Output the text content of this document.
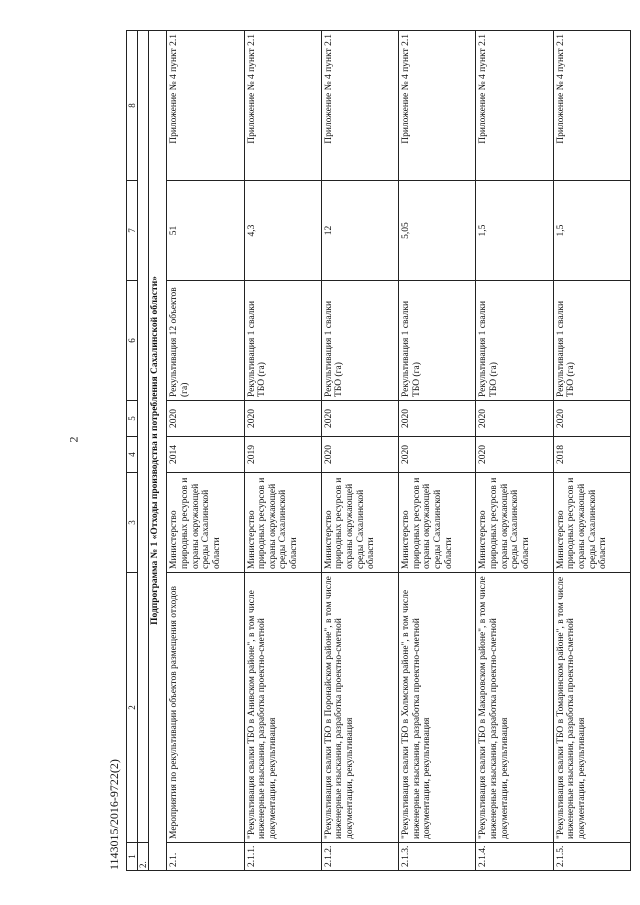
2
1	2	3	4	5	6	7	8
2.							
Подпрограмма № 1 «Отходы производства и потребления Сахалинской области»							
2.1.	Мероприятия по рекультивации объектов размещения отходов	Министерство природных ресурсов и охраны окружающей среды Сахалинской области	2014	2020	Рекультивация 12 объектов (га)	51	Приложение № 4 пункт 2.1
2.1.1.	"Рекультивация свалки ТБО в Анивском районе", в том числе инженерные изыскания, разработка проектно-сметной документации, рекультивация	Министерство природных ресурсов и охраны окружающей среды Сахалинской области	2019	2020	Рекультивация 1 свалки ТБО (га)	4,3	Приложение № 4 пункт 2.1
2.1.2.	"Рекультивация свалки ТБО в Поронайском районе", в том числе инженерные изыскания, разработка проектно-сметной документации, рекультивация	Министерство природных ресурсов и охраны окружающей среды Сахалинской области	2020	2020	Рекультивация 1 свалки ТБО (га)	12	Приложение № 4 пункт 2.1
2.1.3.	"Рекультивация свалки ТБО в Холмском районе", в том числе инженерные изыскания, разработка проектно-сметной документации, рекультивация	Министерство природных ресурсов и охраны окружающей среды Сахалинской области	2020	2020	Рекультивация 1 свалки ТБО (га)	5,05	Приложение № 4 пункт 2.1
2.1.4.	"Рекультивация свалки ТБО в Макаровском районе", в том числе инженерные изыскания, разработка проектно-сметной документации, рекультивация	Министерство природных ресурсов и охраны окружающей среды Сахалинской области	2020	2020	Рекультивация 1 свалки ТБО (га)	1,5	Приложение № 4 пункт 2.1
2.1.5.	"Рекультивация свалки ТБО в Томаринском районе", в том числе инженерные изыскания, разработка проектно-сметной документации, рекультивация	Министерство природных ресурсов и охраны окружающей среды Сахалинской области	2018	2020	Рекультивация 1 свалки ТБО (га)	1,5	Приложение № 4 пункт 2.1
1143015/2016-9722(2)
